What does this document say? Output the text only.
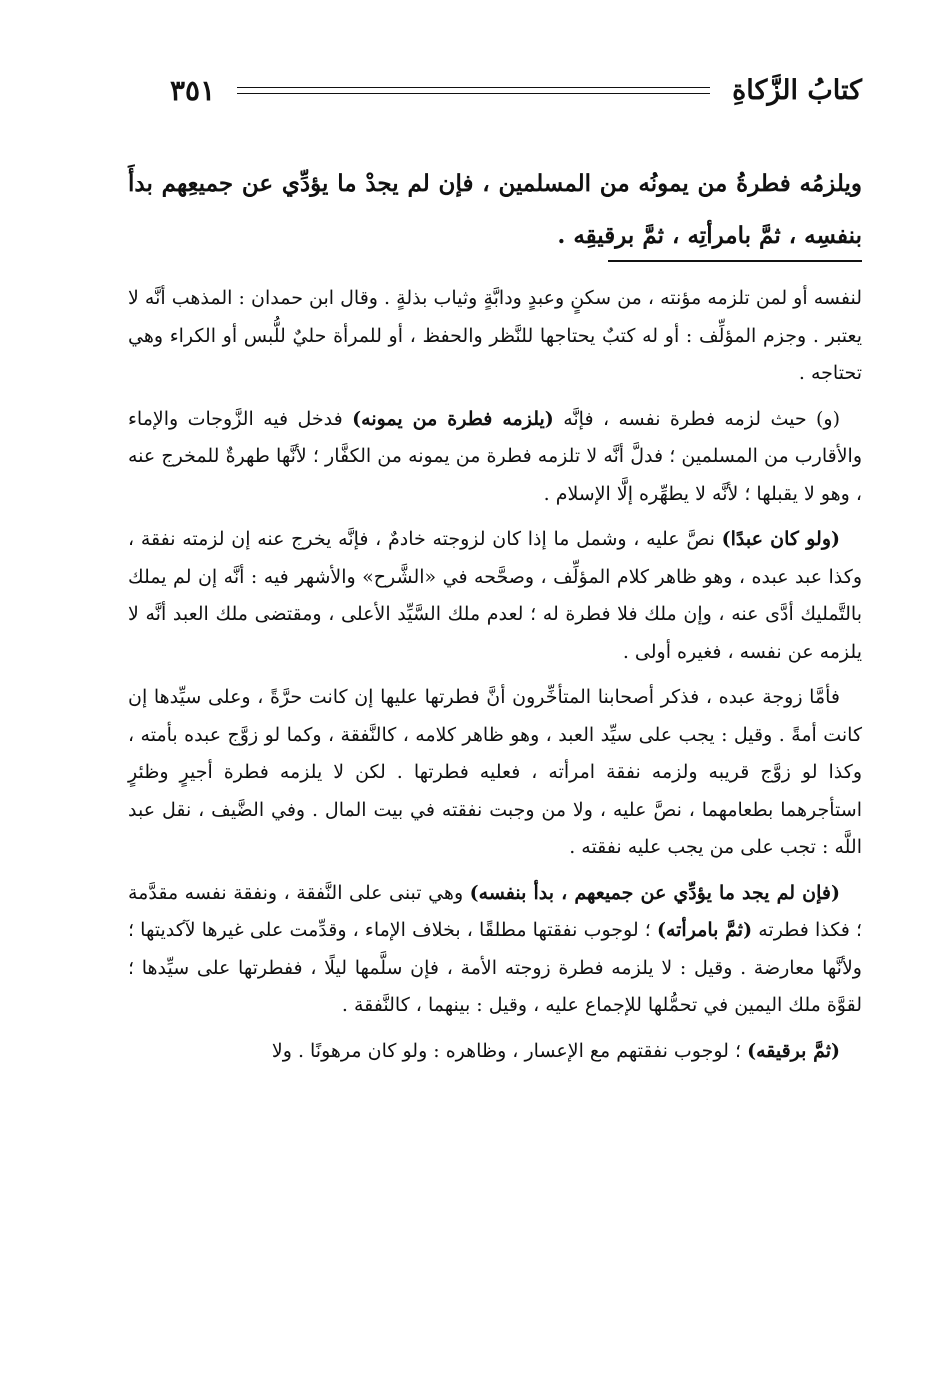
كتابُ الزَّكاةِ
٣٥١

ويلزمُه فطرةُ من يمونُه من المسلمين ، فإن لم يجدْ ما يؤدِّي عن جميعِهم بدأَ بنفسِه ، ثمَّ بامرأتِه ، ثمَّ برقيقِه .

لنفسه أو لمن تلزمه مؤنته ، من سكنٍ وعبدٍ ودابَّةٍ وثياب بذلةٍ . وقال ابن حمدان : المذهب أنَّه لا يعتبر . وجزم المؤلِّف : أو له كتبٌ يحتاجها للنَّظر والحفظ ، أو للمرأة حليٌ للُّبس أو الكراء وهي تحتاجه .

(و) حيث لزمه فطرة نفسه ، فإنَّه (يلزمه فطرة من يمونه) فدخل فيه الزَّوجات والإماء والأقارب من المسلمين ؛ فدلَّ أنَّه لا تلزمه فطرة من يمونه من الكفَّار ؛ لأنَّها طهرةٌ للمخرج عنه ، وهو لا يقبلها ؛ لأنَّه لا يطهِّره إلَّا الإسلام .

(ولو كان عبدًا) نصَّ عليه ، وشمل ما إذا كان لزوجته خادمٌ ، فإنَّه يخرج عنه إن لزمته نفقة ، وكذا عبد عبده ، وهو ظاهر كلام المؤلِّف ، وصحَّحه في «الشَّرح» والأشهر فيه : أنَّه إن لم يملك بالتَّمليك أدَّى عنه ، وإن ملك فلا فطرة له ؛ لعدم ملك السَّيِّد الأعلى ، ومقتضى ملك العبد أنَّه لا يلزمه عن نفسه ، فغيره أولى .

فأمَّا زوجة عبده ، فذكر أصحابنا المتأخِّرون أنَّ فطرتها عليها إن كانت حرَّةً ، وعلى سيِّدها إن كانت أمةً . وقيل : يجب على سيِّد العبد ، وهو ظاهر كلامه ، كالنَّفقة ، وكما لو زوَّج عبده بأمته ، وكذا لو زوَّج قريبه ولزمه نفقة امرأته ، فعليه فطرتها . لكن لا يلزمه فطرة أجيرٍ وظئرٍ استأجرهما بطعامهما ، نصَّ عليه ، ولا من وجبت نفقته في بيت المال . وفي الضَّيف ، نقل عبد اللَّه : تجب على من يجب عليه نفقته .

(فإن لم يجد ما يؤدِّي عن جميعهم ، بدأ بنفسه) وهي تبنى على النَّفقة ، ونفقة نفسه مقدَّمة ؛ فكذا فطرته (ثمَّ بامرأته) ؛ لوجوب نفقتها مطلقًا ، بخلاف الإماء ، وقدِّمت على غيرها لآكديتها ؛ ولأنَّها معارضة . وقيل : لا يلزمه فطرة زوجته الأمة ، فإن سلَّمها ليلًا ، ففطرتها على سيِّدها ؛ لقوَّة ملك اليمين في تحمُّلها للإجماع عليه ، وقيل : بينهما ، كالنَّفقة .

(ثمَّ برقيقه) ؛ لوجوب نفقتهم مع الإعسار ، وظاهره : ولو كان مرهونًا . ولا
